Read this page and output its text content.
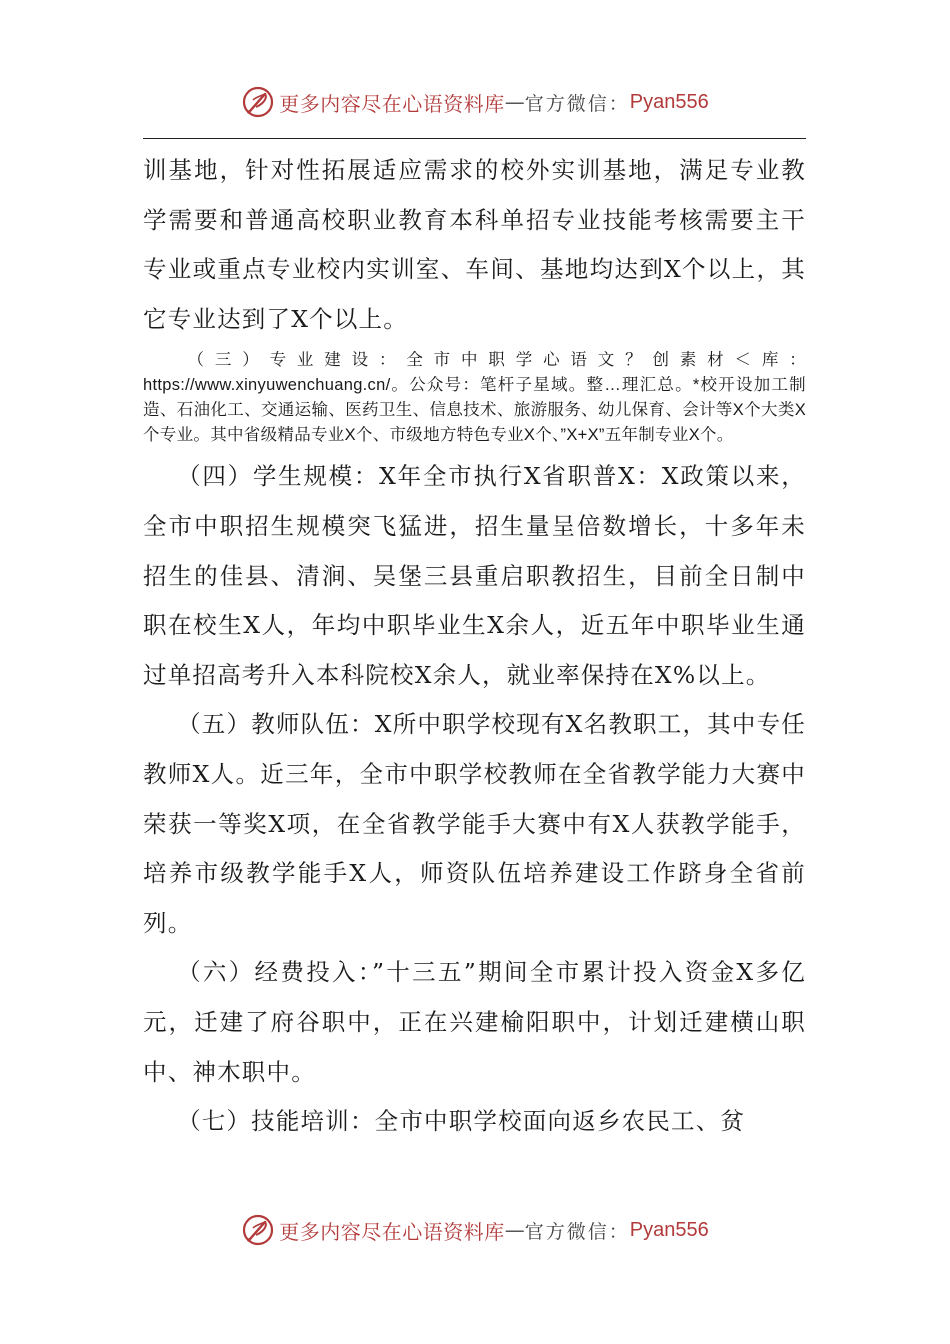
更多内容尽在心语资料库 — 官方微信： Pyan556

训基地，针对性拓展适应需求的校外实训基地，满足专业教学需要和普通高校职业教育本科单招专业技能考核需要主干专业或重点专业校内实训室、车间、基地均达到X个以上，其它专业达到了X个以上。

（三）专业建设：全市中职学心语文？创素材＜库：https://www.xinyuwenchuang.cn/。公众号：笔杆子星域。整…理汇总。*校开设加工制造、石油化工、交通运输、医药卫生、信息技术、旅游服务、幼儿保育、会计等X个大类X个专业。其中省级精品专业X个、市级地方特色专业X个、”X+X”五年制专业X个。

（四）学生规模：X年全市执行X省职普X：X政策以来，全市中职招生规模突飞猛进，招生量呈倍数增长，十多年未招生的佳县、清涧、吴堡三县重启职教招生，目前全日制中职在校生X人，年均中职毕业生X余人，近五年中职毕业生通过单招高考升入本科院校X余人，就业率保持在X%以上。

（五）教师队伍：X所中职学校现有X名教职工，其中专任教师X人。近三年，全市中职学校教师在全省教学能力大赛中荣获一等奖X项，在全省教学能手大赛中有X人获教学能手，培养市级教学能手X人，师资队伍培养建设工作跻身全省前列。

（六）经费投入：”十三五”期间全市累计投入资金X多亿元，迁建了府谷职中，正在兴建榆阳职中，计划迁建横山职中、神木职中。

（七）技能培训：全市中职学校面向返乡农民工、贫

更多内容尽在心语资料库 — 官方微信： Pyan556
